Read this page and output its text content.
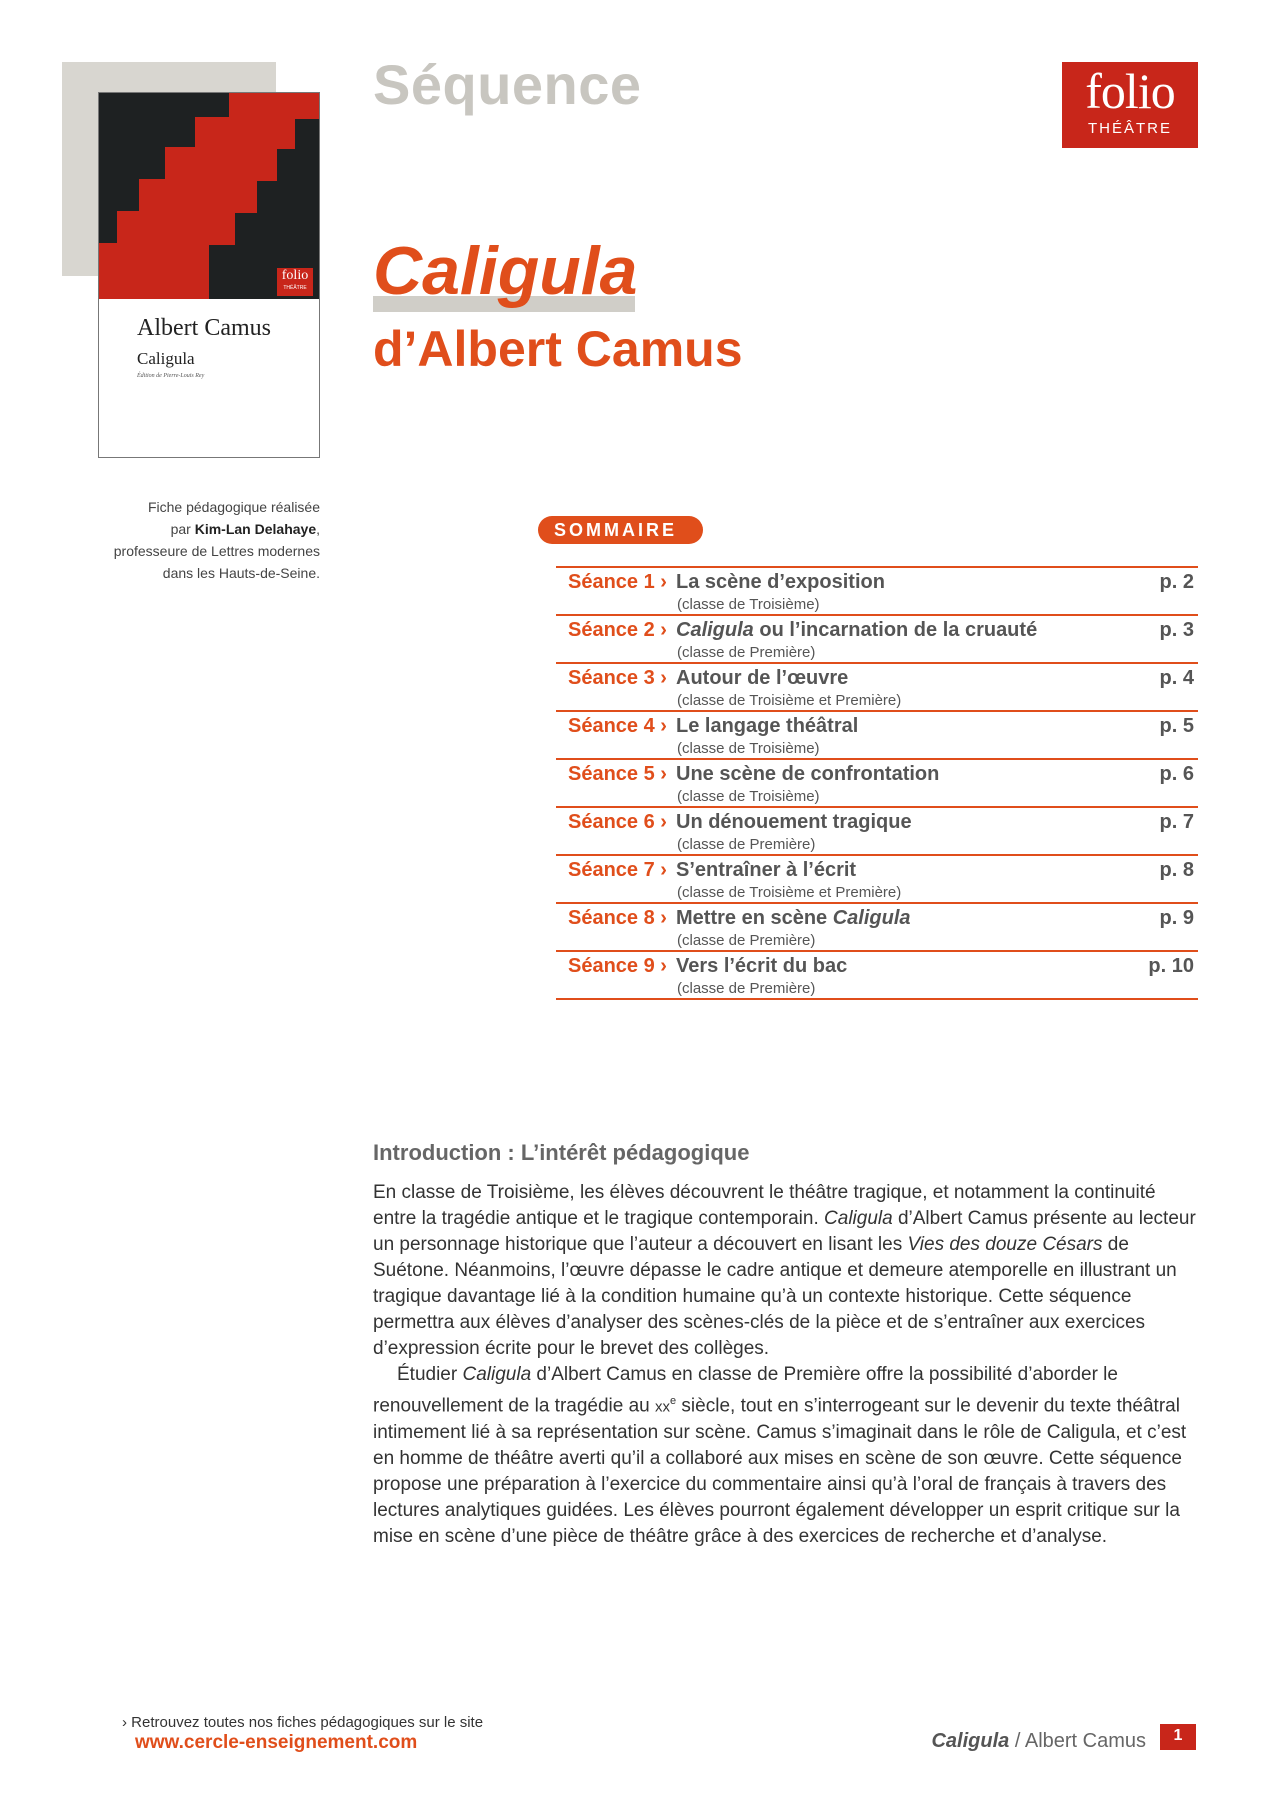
folio
THÉÂTRE
Albert Camus
Caligula
Édition de Pierre-Louis Rey
Fiche pédagogique réalisée
par Kim-Lan Delahaye,
professeure de Lettres modernes
dans les Hauts-de-Seine.
Séquence
Caligula
d’Albert Camus
folio
THÉÂTRE
SOMMAIRE
Séance 1 › La scène d’exposition
(classe de Troisième)
p. 2
Séance 2 › Caligula ou l’incarnation de la cruauté
(classe de Première)
p. 3
Séance 3 › Autour de l’œuvre
(classe de Troisième et Première)
p. 4
Séance 4 › Le langage théâtral
(classe de Troisième)
p. 5
Séance 5 › Une scène de confrontation
(classe de Troisième)
p. 6
Séance 6 › Un dénouement tragique
(classe de Première)
p. 7
Séance 7 › S’entraîner à l’écrit
(classe de Troisième et Première)
p. 8
Séance 8 › Mettre en scène Caligula
(classe de Première)
p. 9
Séance 9 › Vers l’écrit du bac
(classe de Première)
p. 10
Introduction : L’intérêt pédagogique

En classe de Troisième, les élèves découvrent le théâtre tragique, et notamment la continuité entre la tragédie antique et le tragique contemporain. Caligula d’Albert Camus présente au lecteur un personnage historique que l’auteur a découvert en lisant les Vies des douze Césars de Suétone. Néanmoins, l’œuvre dépasse le cadre antique et demeure atemporelle en illustrant un tragique davantage lié à la condition humaine qu’à un contexte historique. Cette séquence permettra aux élèves d’analyser des scènes-clés de la pièce et de s’entraîner aux exercices d’expression écrite pour le brevet des collèges.

Étudier Caligula d’Albert Camus en classe de Première offre la possibilité d’aborder le renouvellement de la tragédie au $xx^e$ siècle, tout en s’interrogeant sur le devenir du texte théâtral intimement lié à sa représentation sur scène. Camus s’imaginait dans le rôle de Caligula, et c’est en homme de théâtre averti qu’il a collaboré aux mises en scène de son œuvre. Cette séquence propose une préparation à l’exercice du commentaire ainsi qu’à l’oral de français à travers des lectures analytiques guidées. Les élèves pourront également développer un esprit critique sur la mise en scène d’une pièce de théâtre grâce à des exercices de recherche et d’analyse.

› Retrouvez toutes nos fiches pédagogiques sur le site
www.cercle-enseignement.com	Caligula / Albert Camus	1
